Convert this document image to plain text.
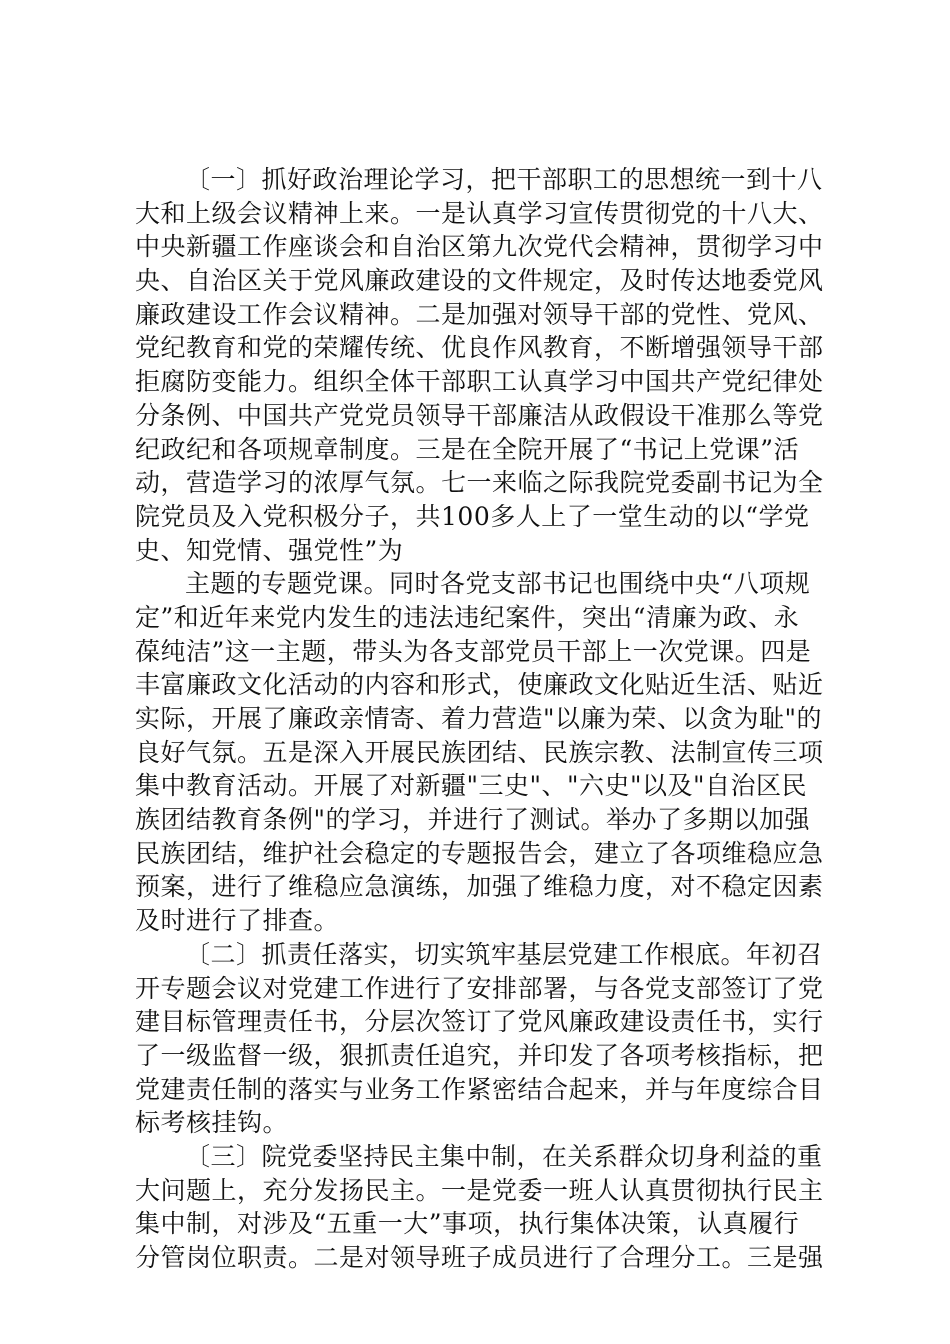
〔一〕抓好政治理论学习，把干部职工的思想统一到十八
大和上级会议精神上来。一是认真学习宣传贯彻党的十八大、
中央新疆工作座谈会和自治区第九次党代会精神，贯彻学习中
央、自治区关于党风廉政建设的文件规定，及时传达地委党风
廉政建设工作会议精神。二是加强对领导干部的党性、党风、
党纪教育和党的荣耀传统、优良作风教育，不断增强领导干部
拒腐防变能力。组织全体干部职工认真学习中国共产党纪律处
分条例、中国共产党党员领导干部廉洁从政假设干准那么等党
纪政纪和各项规章制度。三是在全院开展了“书记上党课”活
动，营造学习的浓厚气氛。七一来临之际我院党委副书记为全
院党员及入党积极分子，共100多人上了一堂生动的以“学党
史、知党情、强党性”为
主题的专题党课。同时各党支部书记也围绕中央“八项规
定”和近年来党内发生的违法违纪案件，突出“清廉为政、永
葆纯洁”这一主题，带头为各支部党员干部上一次党课。四是
丰富廉政文化活动的内容和形式，使廉政文化贴近生活、贴近
实际，开展了廉政亲情寄、着力营造"以廉为荣、以贪为耻"的
良好气氛。五是深入开展民族团结、民族宗教、法制宣传三项
集中教育活动。开展了对新疆"三史"、"六史"以及"自治区民
族团结教育条例"的学习，并进行了测试。举办了多期以加强
民族团结，维护社会稳定的专题报告会，建立了各项维稳应急
预案，进行了维稳应急演练，加强了维稳力度，对不稳定因素
及时进行了排查。
〔二〕抓责任落实，切实筑牢基层党建工作根底。年初召
开专题会议对党建工作进行了安排部署，与各党支部签订了党
建目标管理责任书，分层次签订了党风廉政建设责任书，实行
了一级监督一级，狠抓责任追究，并印发了各项考核指标，把
党建责任制的落实与业务工作紧密结合起来，并与年度综合目
标考核挂钩。
〔三〕院党委坚持民主集中制，在关系群众切身利益的重
大问题上，充分发扬民主。一是党委一班人认真贯彻执行民主
集中制，对涉及“五重一大”事项，执行集体决策，认真履行
分管岗位职责。二是对领导班子成员进行了合理分工。三是强
